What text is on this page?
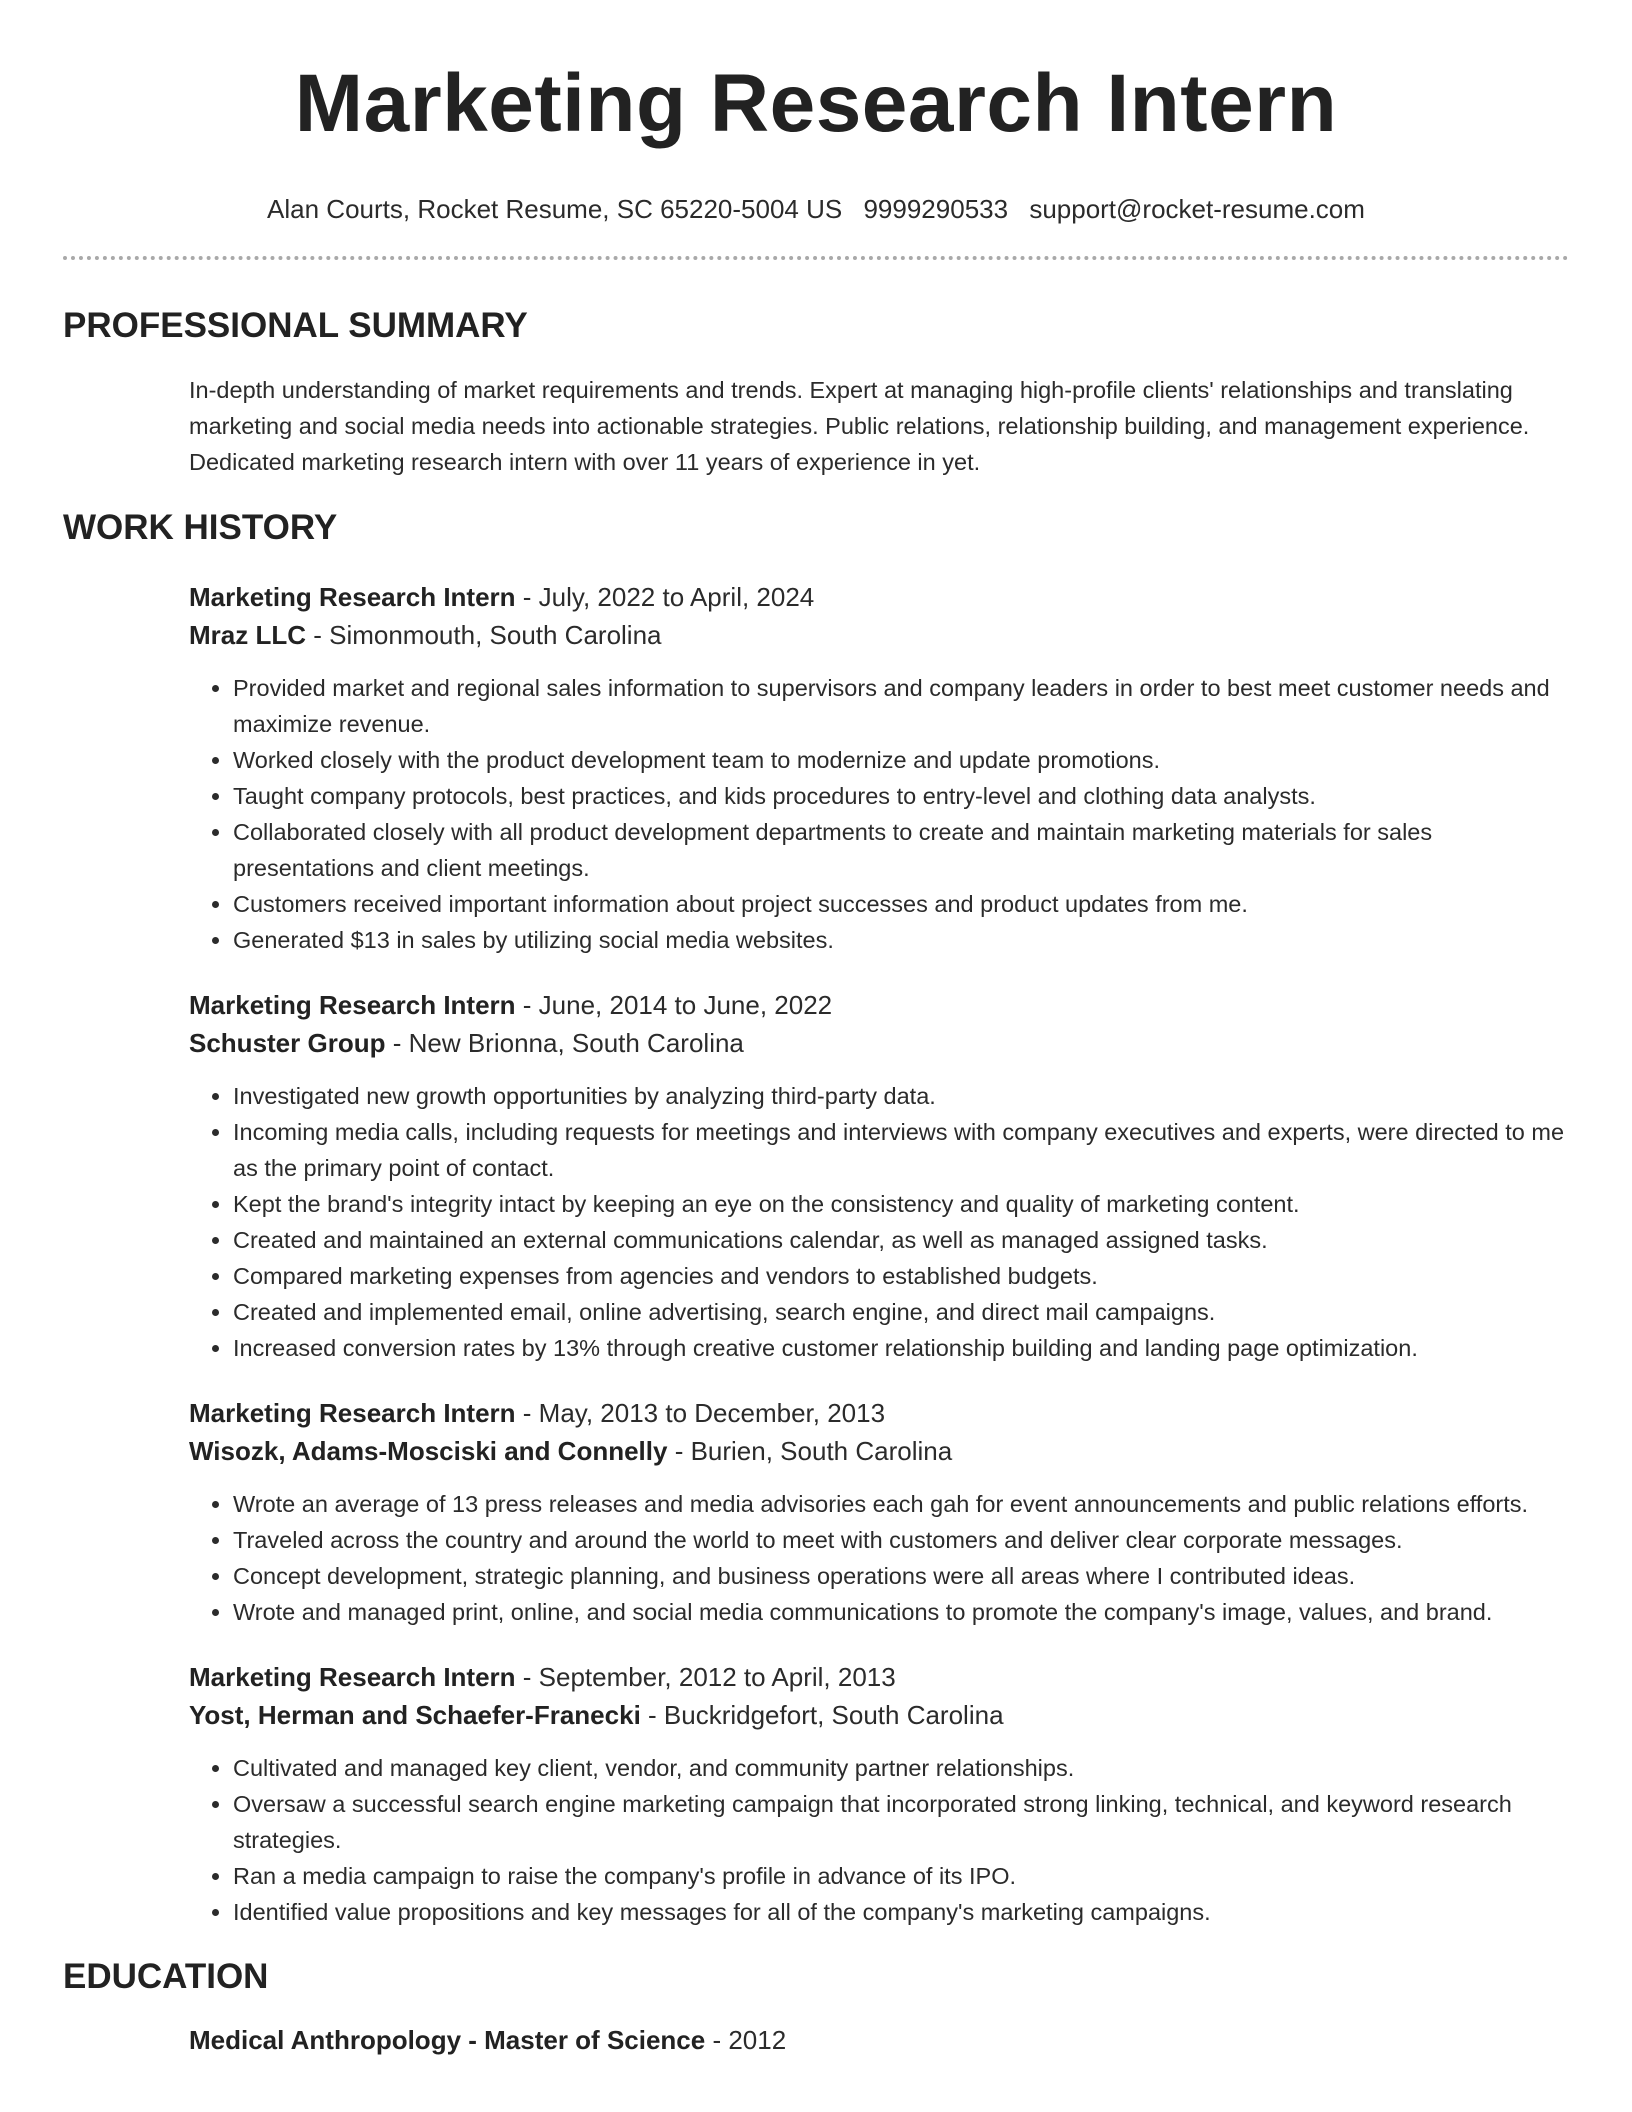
Marketing Research Intern
Alan Courts, Rocket Resume, SC 65220-5004 US 9999290533 support@rocket-resume.com
PROFESSIONAL SUMMARY

In-depth understanding of market requirements and trends. Expert at managing high-profile clients' relationships and translating marketing and social media needs into actionable strategies. Public relations, relationship building, and management experience. Dedicated marketing research intern with over 11 years of experience in yet.

WORK HISTORY
Marketing Research Intern - July, 2022 to April, 2024
Mraz LLC - Simonmouth, South Carolina
• Provided market and regional sales information to supervisors and company leaders in order to best meet customer needs and maximize revenue.
• Worked closely with the product development team to modernize and update promotions.
• Taught company protocols, best practices, and kids procedures to entry-level and clothing data analysts.
• Collaborated closely with all product development departments to create and maintain marketing materials for sales presentations and client meetings.
• Customers received important information about project successes and product updates from me.
• Generated $13 in sales by utilizing social media websites.
Marketing Research Intern - June, 2014 to June, 2022
Schuster Group - New Brionna, South Carolina
• Investigated new growth opportunities by analyzing third-party data.
• Incoming media calls, including requests for meetings and interviews with company executives and experts, were directed to me as the primary point of contact.
• Kept the brand's integrity intact by keeping an eye on the consistency and quality of marketing content.
• Created and maintained an external communications calendar, as well as managed assigned tasks.
• Compared marketing expenses from agencies and vendors to established budgets.
• Created and implemented email, online advertising, search engine, and direct mail campaigns.
• Increased conversion rates by 13% through creative customer relationship building and landing page optimization.
Marketing Research Intern - May, 2013 to December, 2013
Wisozk, Adams-Mosciski and Connelly - Burien, South Carolina
• Wrote an average of 13 press releases and media advisories each gah for event announcements and public relations efforts.
• Traveled across the country and around the world to meet with customers and deliver clear corporate messages.
• Concept development, strategic planning, and business operations were all areas where I contributed ideas.
• Wrote and managed print, online, and social media communications to promote the company's image, values, and brand.
Marketing Research Intern - September, 2012 to April, 2013
Yost, Herman and Schaefer-Franecki - Buckridgefort, South Carolina
• Cultivated and managed key client, vendor, and community partner relationships.
• Oversaw a successful search engine marketing campaign that incorporated strong linking, technical, and keyword research strategies.
• Ran a media campaign to raise the company's profile in advance of its IPO.
• Identified value propositions and key messages for all of the company's marketing campaigns.
EDUCATION
Medical Anthropology - Master of Science - 2012
